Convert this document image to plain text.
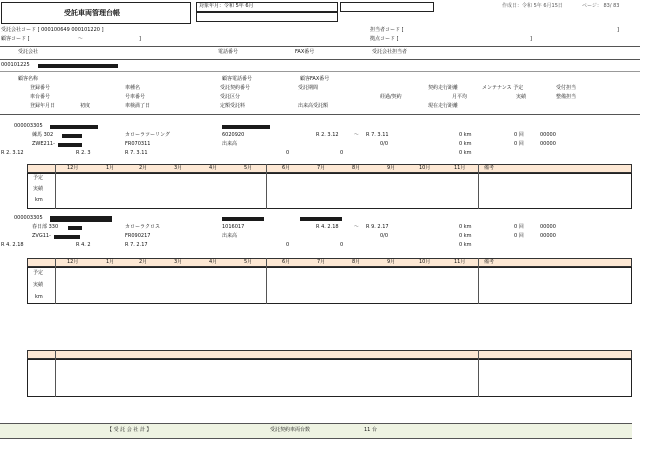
受託車両管理台帳
対象年月：令和 5年 6月	作成日：令和 5年 6月15日	ページ： 83/ 83
受託会社コード [ 000100649 000101220 ]
顧客コード [	～	]
担当者コード [	]
拠点コード [	]
受託会社	電話番号	FAX番号	受託会社担当者
000101225
顧客名称	顧客電話番号	顧客FAX番号
登録番号	車種名	受託契約番号	受託期間	契約走行距離	メンテナンス 予定	受付担当
車台番号	号車番号	受託区分	経過/契約	月平均	実績	整備担当
登録年月日	初度	車検満了日	定額受託料	出来高受託額	現在走行距離
000003305
練馬 302	カローラツーリング	6020920	R 2. 3.12	～ R 7. 3.11	0 km	0 回	00000
ZWE211-	FR070311	出来高	0/0	0 km	0 回	00000
R 2. 3.12	R 2. 3	R 7. 3.11	0	0	0 km
12月	1月	2月	3月	4月	5月	6月	7月	8月	9月	10月	11月	備考
予定
実績
km
000003305
春日部 330	カローラクロス	1016017	R 4. 2.18	～ R 9. 2.17	0 km	0 回	00000
ZVG11-	FR090217	出来高	0/0	0 km	0 回	00000
R 4. 2.18	R 4. 2	R 7. 2.17	0	0	0 km
12月	1月	2月	3月	4月	5月	6月	7月	8月	9月	10月	11月	備考
予定
実績
km
【 受 託 会 社 計 】	受託契約車両台数	11 台
